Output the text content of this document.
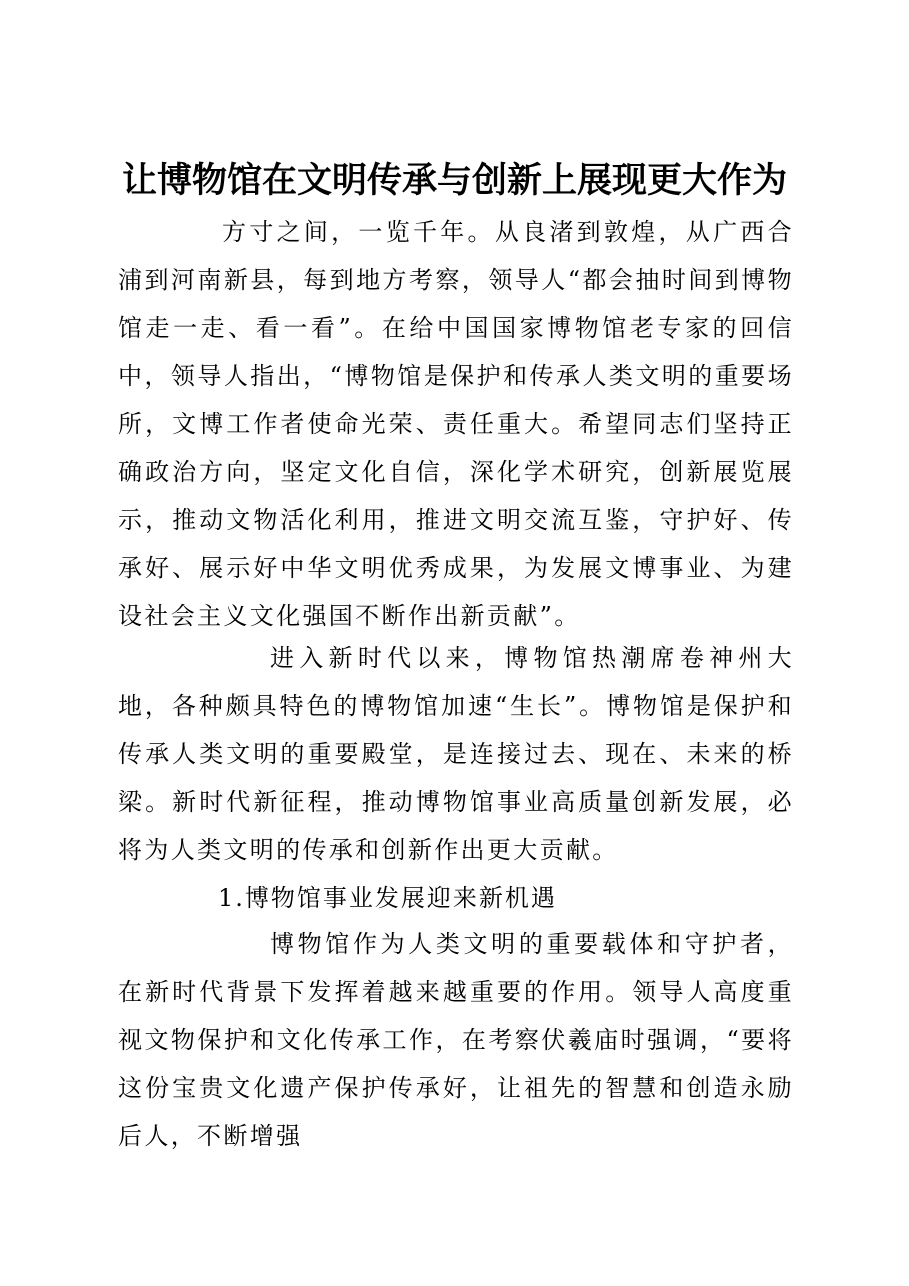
让博物馆在文明传承与创新上展现更大作为

方寸之间，一览千年。从良渚到敦煌，从广西合浦到河南新县，每到地方考察，领导人“都会抽时间到博物馆走一走、看一看”。在给中国国家博物馆老专家的回信中，领导人指出，“博物馆是保护和传承人类文明的重要场所，文博工作者使命光荣、责任重大。希望同志们坚持正确政治方向，坚定文化自信，深化学术研究，创新展览展示，推动文物活化利用，推进文明交流互鉴，守护好、传承好、展示好中华文明优秀成果，为发展文博事业、为建设社会主义文化强国不断作出新贡献”。

进入新时代以来，博物馆热潮席卷神州大地，各种颇具特色的博物馆加速“生长”。博物馆是保护和传承人类文明的重要殿堂，是连接过去、现在、未来的桥梁。新时代新征程，推动博物馆事业高质量创新发展，必将为人类文明的传承和创新作出更大贡献。

1.博物馆事业发展迎来新机遇

博物馆作为人类文明的重要载体和守护者，在新时代背景下发挥着越来越重要的作用。领导人高度重视文物保护和文化传承工作，在考察伏羲庙时强调，“要将这份宝贵文化遗产保护传承好，让祖先的智慧和创造永励后人，不断增强
